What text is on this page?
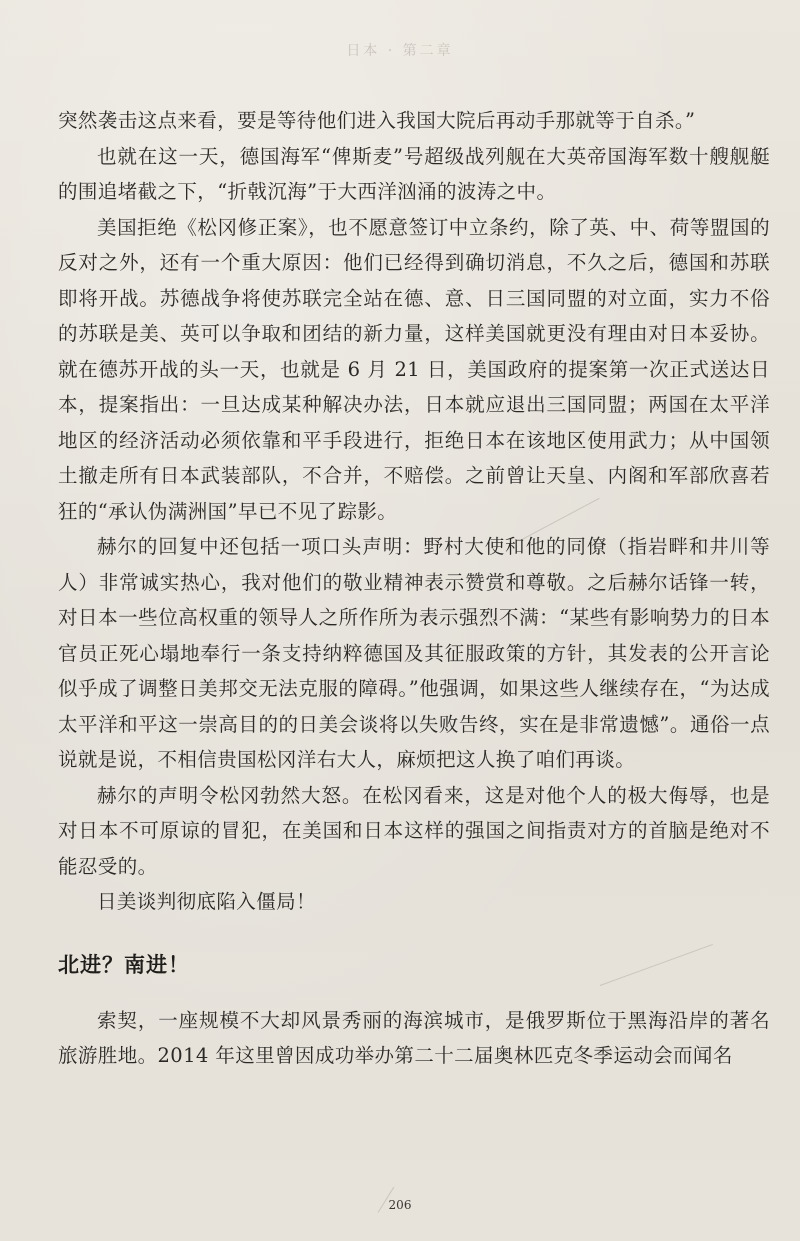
日本 · 第二章

突然袭击这点来看，要是等待他们进入我国大院后再动手那就等于自杀。”

也就在这一天，德国海军“俾斯麦”号超级战列舰在大英帝国海军数十艘舰艇的围追堵截之下，“折戟沉海”于大西洋汹涌的波涛之中。

美国拒绝《松冈修正案》，也不愿意签订中立条约，除了英、中、荷等盟国的反对之外，还有一个重大原因：他们已经得到确切消息，不久之后，德国和苏联即将开战。苏德战争将使苏联完全站在德、意、日三国同盟的对立面，实力不俗的苏联是美、英可以争取和团结的新力量，这样美国就更没有理由对日本妥协。就在德苏开战的头一天，也就是 6 月 21 日，美国政府的提案第一次正式送达日本，提案指出：一旦达成某种解决办法，日本就应退出三国同盟；两国在太平洋地区的经济活动必须依靠和平手段进行，拒绝日本在该地区使用武力；从中国领土撤走所有日本武装部队，不合并，不赔偿。之前曾让天皇、内阁和军部欣喜若狂的“承认伪满洲国”早已不见了踪影。

赫尔的回复中还包括一项口头声明：野村大使和他的同僚（指岩畔和井川等人）非常诚实热心，我对他们的敬业精神表示赞赏和尊敬。之后赫尔话锋一转，对日本一些位高权重的领导人之所作所为表示强烈不满：“某些有影响势力的日本官员正死心塌地奉行一条支持纳粹德国及其征服政策的方针，其发表的公开言论似乎成了调整日美邦交无法克服的障碍。”他强调，如果这些人继续存在，“为达成太平洋和平这一崇高目的的日美会谈将以失败告终，实在是非常遗憾”。通俗一点说就是说，不相信贵国松冈洋右大人，麻烦把这人换了咱们再谈。

赫尔的声明令松冈勃然大怒。在松冈看来，这是对他个人的极大侮辱，也是对日本不可原谅的冒犯，在美国和日本这样的强国之间指责对方的首脑是绝对不能忍受的。

日美谈判彻底陷入僵局！

北进？南进！

索契，一座规模不大却风景秀丽的海滨城市，是俄罗斯位于黑海沿岸的著名旅游胜地。2014 年这里曾因成功举办第二十二届奥林匹克冬季运动会而闻名

206
